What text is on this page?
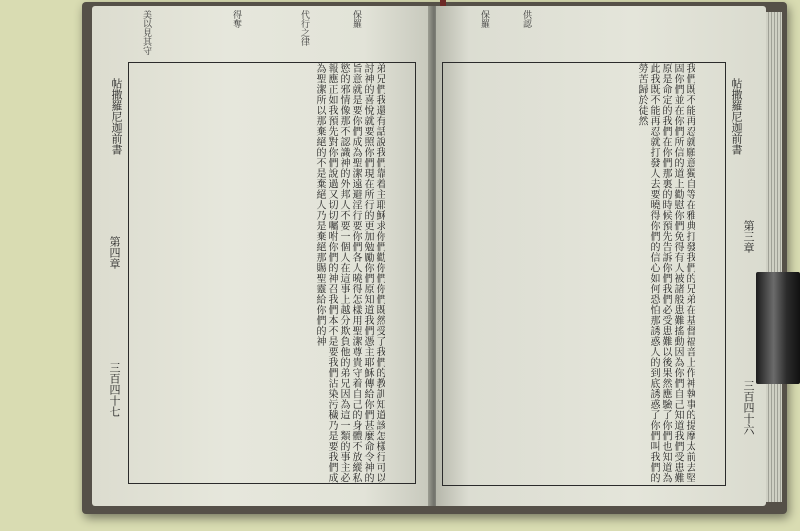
美以見其守	得奪	代行之律	保羅	保羅	供認
弟兄們我還有話說我們靠着主耶穌求你們勸你們你們既然受了我們的教訓知道該怎樣行可以討神的喜悅就要照你們現在所行的更加勉勵你們原知道我們憑主耶穌傳給你們甚麼命令神的旨意就是要你們成為聖潔遠避淫行要你們各人曉得怎樣用聖潔尊貴守着自己的身體不放縱私慾的邪情像那不認識神的外邦人不要一個人在這事上越分欺負他的弟兄因為這一類的事主必報應正如我預先對你們說過又切切囑咐你們的神召我們本不是要我們沾染污穢乃是要我們成為聖潔所以那棄絕的不是棄絕人乃是棄絕那賜聖靈給你們的神
帖撒羅尼迦前書
第四章
三百四十七	我們既不能再忍就願意獨自等在雅典打發我們的兄弟在基督福音上作神執事的提摩太前去堅固你們並在你們所信的道上勸慰你們免得有人被諸般患難搖動因為你們自己知道我們受患難原是命定的我們在你們那裏的時候預先告訴你們我們必受患難以後果然應驗了你們也知道為此我既不能再忍就打發人去要曉得你們的信心如何恐怕那誘惑人的到底誘惑了你們叫我們的勞苦歸於徒然	帖撒羅尼迦前書
第三章
三百四十六
